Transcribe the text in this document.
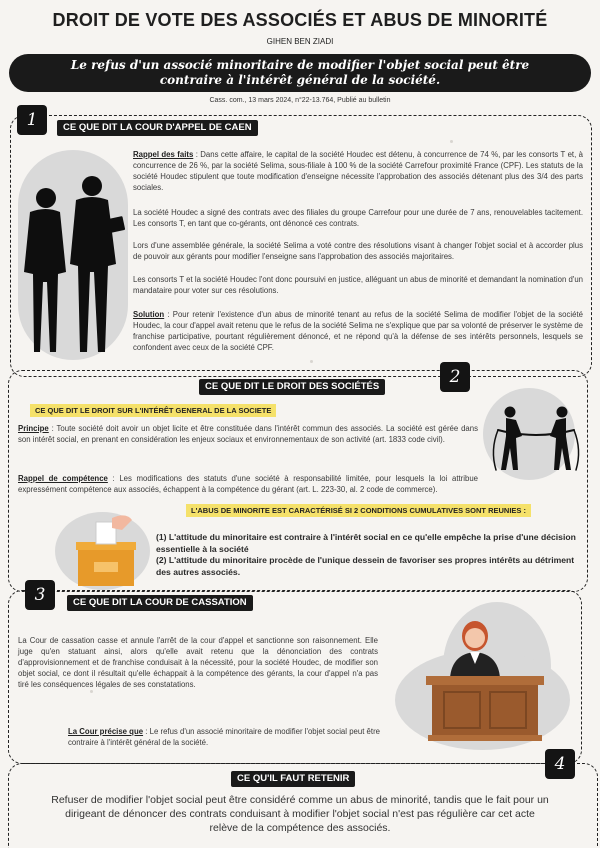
DROIT DE VOTE DES ASSOCIÉS ET ABUS DE MINORITÉ
GIHEN BEN ZIADI
Le refus d'un associé minoritaire de modifier l'objet social peut être
contraire à l'intérêt général de la société.
Cass. com., 13 mars 2024, n°22-13.764, Publié au bulletin
1	CE QUE DIT LA COUR D'APPEL DE CAEN
Rappel des faits : Dans cette affaire, le capital de la société Houdec est détenu, à concurrence de 74 %, par les consorts T et, à concurrence de 26 %, par la société Selima, sous-filiale à 100 % de la société Carrefour proximité France (CPF). Les statuts de la société Houdec stipulent que toute modification d'enseigne nécessite l'approbation des associés détenant plus des 3/4 des parts sociales.
La société Houdec a signé des contrats avec des filiales du groupe Carrefour pour une durée de 7 ans, renouvelables tacitement. Les consorts T, en tant que co-gérants, ont dénoncé ces contrats.
Lors d'une assemblée générale, la société Selima a voté contre des résolutions visant à changer l'objet social et à accorder plus de pouvoir aux gérants pour modifier l'enseigne sans l'approbation des associés majoritaires.
Les consorts T et la société Houdec l'ont donc poursuivi en justice, alléguant un abus de minorité et demandant la nomination d'un mandataire pour voter sur ces résolutions.
Solution : Pour retenir l'existence d'un abus de minorité tenant au refus de la société Selima de modifier l'objet de la société Houdec, la cour d'appel avait retenu que le refus de la société Selima ne s'explique que par sa volonté de préserver le système de franchise participative, pourtant régulièrement dénoncé, et ne répond qu'à la défense de ses intérêts personnels, lesquels se confondent avec ceux de la société CPF.
2
CE QUE DIT LE DROIT DES SOCIÉTÉS
CE QUE DIT LE DROIT SUR L'INTÉRÊT GENERAL DE LA SOCIETE
Principe : Toute société doit avoir un objet licite et être constituée dans l'intérêt commun des associés. La société est gérée dans son intérêt social, en prenant en considération les enjeux sociaux et environnementaux de son activité (art. 1833 code civil).
Rappel de compétence : Les modifications des statuts d'une société à responsabilité limitée, pour lesquels la loi attribue expressément compétence aux associés, échappent à la compétence du gérant (art. L. 223-30, al. 2 code de commerce).
L'ABUS DE MINORITE EST CARACTÉRISÉ SI 2 CONDITIONS CUMULATIVES SONT REUNIES :
(1) L'attitude du minoritaire est contraire à l'intérêt social en ce qu'elle empêche la prise d'une décision essentielle à la société
(2) L'attitude du minoritaire procède de l'unique dessein de favoriser ses propres intérêts au détriment des autres associés.
3	CE QUE DIT LA COUR DE CASSATION
La Cour de cassation casse et annule l'arrêt de la cour d'appel et sanctionne son raisonnement. Elle juge qu'en statuant ainsi, alors qu'elle avait retenu que la dénonciation des contrats d'approvisionnement et de franchise conduisait à la nécessité, pour la société Houdec, de modifier son objet social, ce dont il résultait qu'elle échappait à la compétence des gérants, la cour d'appel n'a pas tiré les conséquences légales de ses constatations.
La Cour précise que : Le refus d'un associé minoritaire de modifier l'objet social peut être contraire à l'intérêt général de la société.
4
CE QU'IL FAUT RETENIR
Refuser de modifier l'objet social peut être considéré comme un abus de minorité, tandis que le fait pour un dirigeant de dénoncer des contrats conduisant à modifier l'objet social n'est pas régulière car cet acte relève de la compétence des associés.
